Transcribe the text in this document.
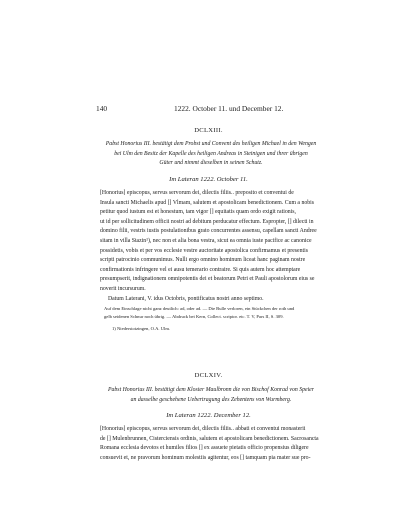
140	1222. October 11. und December 12.
DCLXIII.
Pabst Honorius III. bestätigt dem Probst und Convent des heiligen Michael in den Wengen
bei Ulm den Besitz der Kapelle des heiligen Andreas in Steinigen und ihrer übrigen
Güter und nimmt dieselben in seinen Schutz.
Im Lateran 1222. October 11.
[Honorius] episcopus, servus servorum dei, dilectis filiis.. preposito et conventui de
Insula sancti Michaelis apud [] Vlmam, salutem et apostolicam benedictionem. Cum a nobis
petitur quod iustum est et honestum, tam vigor [] equitatis quam ordo exigit rationis,
ut id per sollicitudinem officii nostri ad debitum perducatur effectum. Espropter, [] dilecti in
domino filii, vestris iustis postulationibus grato concurrentes assensu, capellam sancti Andree
sitam in villa Stazin¹), nec non et alia bona vestra, sicut ea omnia iuste pacifice ac canonice
possidetis, vobis et per vos ecclesie vestre auctoritate apostolica confirmamus et presentis
scripti patrocinio communimus. Nulli ergo omnino hominum liceat hanc paginam nostre
confirmationis infringere vel ei ausu temerario contraire. Si quis autem hoc attemptare
presumpserit, indignationem omnipotentis dei et beatorum Petri et Pauli apostolorum eius se
noverit incursurum.
Datum Laterani, V. idus Octobris, pontificatus nostri anno septimo.
Auf dem Einschlage nicht ganz deutlich: ad, oder ad. — Die Bulle verloren, ein Stückchen der roth und
gelb seidenen Schnur noch übrig. — Abdruck bei Kern, Collect. scriptor. etc. T. V, Pars II, S. 309.
1) Niederstotzingen, O.A. Ulm.
DCLXIV.
Pabst Honorius III. bestätigt dem Kloster Maulbronn die von Bischof Konrad von Speier
an dasselbe geschehene Uebertragung des Zehentens von Wurmberg.
Im Lateran 1222. December 12.
[Honorius] episcopus, servus servorum dei, dilectis filiis.. abbati et conventui monasterii
de [] Mulenbrunnen, Cisterciensis ordinis, salutem et apostolicam benedictionem. Sacrosancta
Romana ecclesia devotos et humiles filios [] ex assuete pietatis officio propensius diligere
consuevit et, ne pravorum hominum molestiis agitentur, eos [] tamquam pia mater sue pro-
